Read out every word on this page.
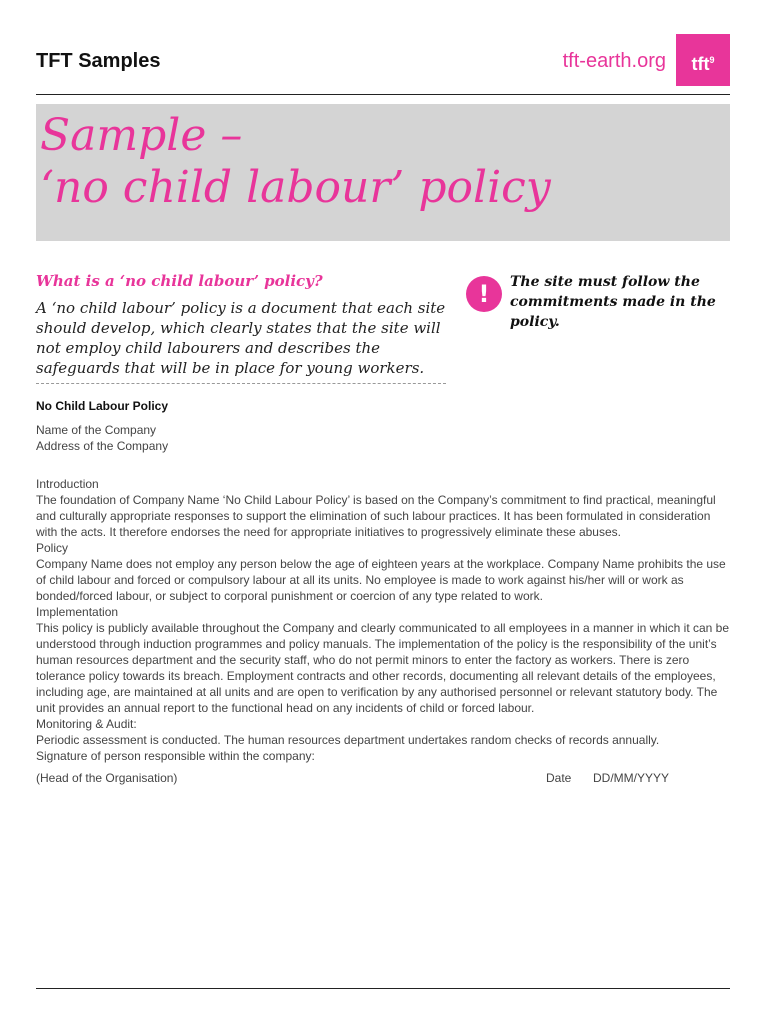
TFT Samples	tft-earth.org	tft$^9$
Sample –
‘no child labour’ policy
What is a ‘no child labour’ policy?
A ‘no child labour’ policy is a document that each site should develop, which clearly states that the site will not employ child labourers and describes the safeguards that will be in place for young workers.
!	The site must follow the commitments made in the policy.
No Child Labour Policy

Name of the Company

Address of the Company

Introduction

The foundation of Company Name ‘No Child Labour Policy’ is based on the Company’s commitment to find practical, meaningful and culturally appropriate responses to support the elimination of such labour practices. It has been formulated in consideration with the acts. It therefore endorses the need for appropriate initiatives to progressively eliminate these abuses.

Policy

Company Name does not employ any person below the age of eighteen years at the workplace. Company Name prohibits the use of child labour and forced or compulsory labour at all its units. No employee is made to work against his/her will or work as bonded/forced labour, or subject to corporal punishment or coercion of any type related to work.

Implementation

This policy is publicly available throughout the Company and clearly communicated to all employees in a manner in which it can be understood through induction programmes and policy manuals. The implementation of the policy is the responsibility of the unit’s human resources department and the security staff, who do not permit minors to enter the factory as workers. There is zero tolerance policy towards its breach. Employment contracts and other records, documenting all relevant details of the employees, including age, are maintained at all units and are open to verification by any authorised personnel or relevant statutory body. The unit provides an annual report to the functional head on any incidents of child or forced labour.

Monitoring & Audit:

Periodic assessment is conducted. The human resources department undertakes random checks of records annually.

Signature of person responsible within the company:

(Head of the Organisation)	Date DD/MM/YYYY
